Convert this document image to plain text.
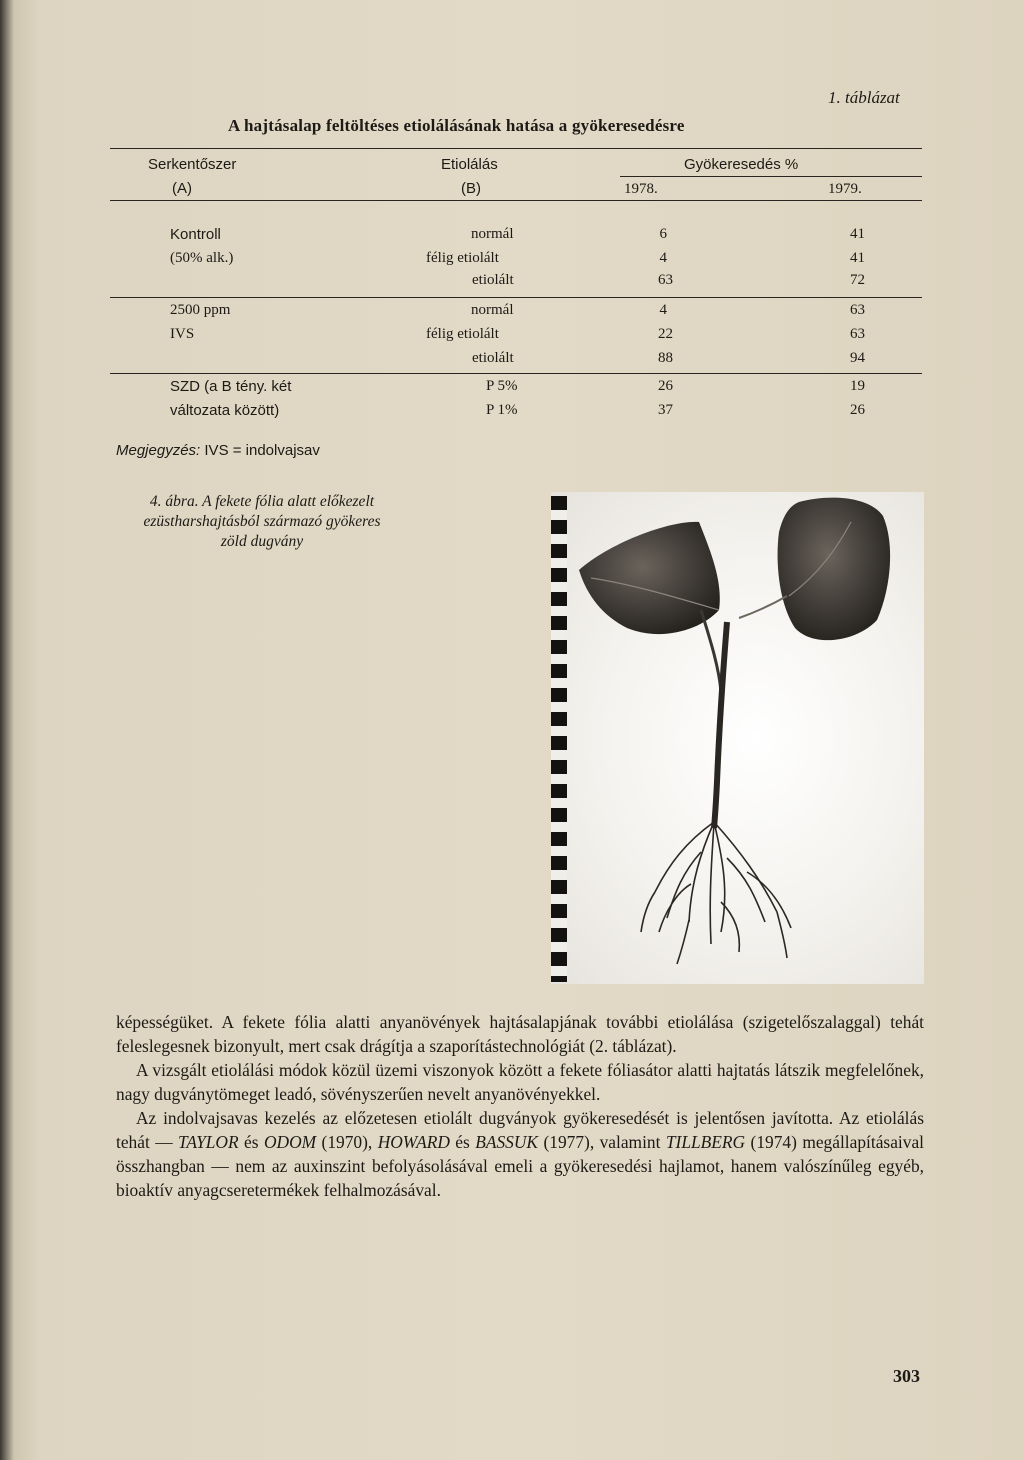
1. táblázat
A hajtásalap feltöltéses etiolálásának hatása a gyökeresedésre
Serkentőszer
(A)
Etiolálás
(B)
Gyökeresedés %
1978.	1979.
Kontroll
(50% alk.)
normál
félig etiolált
etiolált
6
4
63
41
41
72
2500 ppm
IVS
normál
félig etiolált
etiolált
4
22
88
63
63
94
SZD (a B tény. két
változata között)
P 5%
P 1%
26
37
19
26
Megjegyzés: IVS = indolvajsav
4. ábra. A fekete fólia alatt előkezelt
ezüstharshajtásból származó gyökeres
zöld dugvány

képességüket. A fekete fólia alatti anyanövények hajtásalapjának további etiolálása (szigetelőszalaggal) tehát feleslegesnek bizonyult, mert csak drágítja a szaporítástechnológiát (2. táblázat).

A vizsgált etiolálási módok közül üzemi viszonyok között a fekete fóliasátor alatti hajtatás látszik megfelelőnek, nagy dugványtömeget leadó, sövényszerűen nevelt anyanövényekkel.

Az indolvajsavas kezelés az előzetesen etiolált dugványok gyökeresedését is jelentősen javította. Az etiolálás tehát — TAYLOR és ODOM (1970), HOWARD és BASSUK (1977), valamint TILLBERG (1974) megállapításaival összhangban — nem az auxinszint befolyásolásával emeli a gyökeresedési hajlamot, hanem valószínűleg egyéb, bioaktív anyagcseretermékek felhalmozásával.

303
